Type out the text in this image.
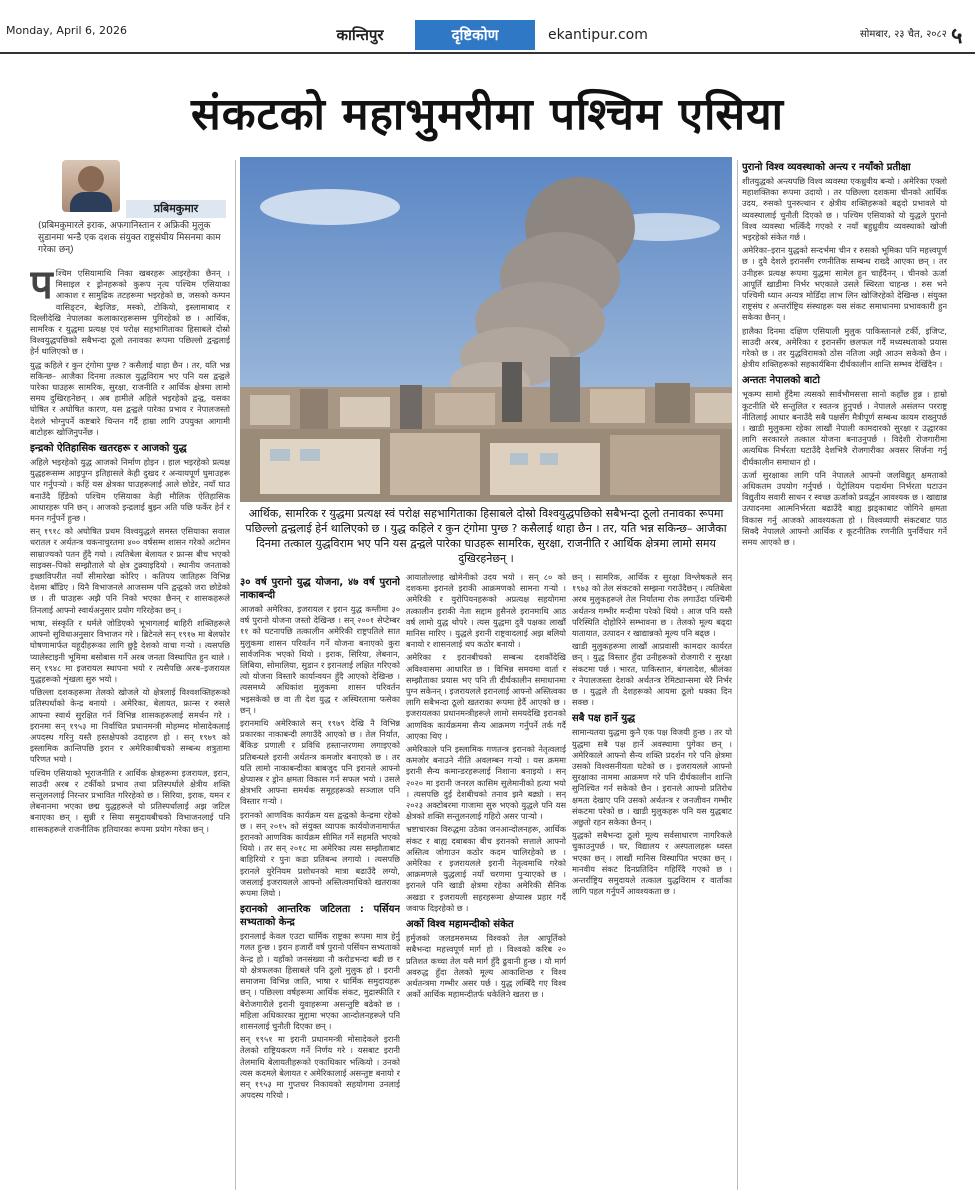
Monday, April 6, 2026	कान्तिपुर	दृष्टिकोण	ekantipur.com	सोमबार, २३ चैत, २०८२ ५
संकटको महाभुमरीमा पश्चिम एसिया
प्रबिमकुमार
(प्रबिमकुमारले इराक, अफगानिस्तान र अफ्रिकी मुलुक सुडानमा भन्डै एक दशक संयुक्त राष्ट्रसंघीय मिसनमा काम गरेका छन्)
आर्थिक, सामरिक र युद्धमा प्रत्यक्ष स्वं परोक्ष सहभागिताका हिसाबले दोस्रो विश्वयुद्धपछिको सबैभन्दा ठूलो तनावका रूपमा पछिल्लो द्वन्द्वलाई हेर्न थालिएको छ । युद्ध कहिले र कुन ट्ंगोमा पुग्छ ? कसैलाई थाहा छैन । तर, यति भन्न सकिन्छ– आजैका दिनमा तत्काल युद्धविराम भए पनि यस द्वन्द्वले पारेका घाउहरू सामरिक, सुरक्षा, राजनीति र आर्थिक क्षेत्रमा लामो समय दुखिरहनेछन् ।

पश्चिम एसियामाथि निका खबरहरू आइरहेका छैनन् । मिसाइल र ड्रोनहरूको कुरूप नृत्य पश्चिम एसियाका आकाश र सामुद्रिक तटहरूमा भइरहेको छ, जसको कम्पन वासिङ्टन, बेइजिङ, मस्को, टोकियो, इस्लामाबाद र दिल्लीदेखि नेपालका कलाकारहरूसम्म पुगिरहेको छ । आर्थिक, सामरिक र युद्धमा प्रत्यक्ष एवं परोक्ष सहभागिताका हिसाबले दोस्रो विश्वयुद्धपछिको सबैभन्दा ठूलो तनावका रूपमा पछिल्लो द्वन्द्वलाई हेर्न थालिएको छ ।

युद्ध कहिले र कुन ट्ंगोमा पुग्छ ? कसैलाई थाहा छैन । तर, यति भन्न सकिन्छ– आजैका दिनमा तत्काल युद्धविराम भए पनि यस द्वन्द्वले पारेका घाउहरू सामरिक, सुरक्षा, राजनीति र आर्थिक क्षेत्रमा लामो समय दुखिरहनेछन् । अब हामीले अहिले भइरहेको द्वन्द्व, यसका घोषित र अघोषित कारण, यस द्वन्द्वले पारेका प्रभाव र नेपालजस्तो देशले भोग्नुपर्ने कष्टबारे चिन्तन गर्दै हाम्रा लागि उपयुक्त आगामी बाटोहरू खोजिनुपर्नेछ ।

इन्द्रको ऐतिहासिक खतरहरू र आजको युद्ध

अहिले भइरहेको युद्ध आजको निर्माण होइन । हाल भइरहेको प्रत्यक्ष युद्धहरूसम्म आइपुग्न इतिहासले केही दुखद र अन्यायपूर्ण घुमाउहरू पार गर्नुपऱ्यो । कहिं यस क्षेत्रका घाउहरूलाई आले छोडेर, नयाँ घाउ बनाउँदै हिँडेको पश्चिम एसियाका केही मौलिक ऐतिहासिक आधारहरू पनि छन् । आजको इन्द्रलाई बुझ्न अति पछि फर्केर हेर्न र मनन गर्नुपर्ने हुन्छ ।

सन् १९१८ को अघोषित प्रथम विश्वयुद्धले समस्त एसियाका सवाल धरातल र अर्थतन्त्र चकनाचुरतमा ४०० वर्षसम्म शासन गरेको अटोमन साम्राज्यको पतन हुँदै गयो । त्यतिबेला बेलायत र फ्रान्स बीच भएको साइक्स–पिको सम्झौताले यो क्षेत्र टुक्र्याइदियो । स्थानीय जनताको इच्छाविपरीत नयाँ सीमारेखा कोरिए । कतिपय जातिहरू विभिन्न देशमा बाँडिए । यिनै विभाजनले आजसम्म पनि द्वन्द्वको जरा छोडेको छ । ती घाउहरू अझै पनि निको भएका छैनन् र शासकहरूले तिनलाई आफ्नो स्वार्थअनुसार प्रयोग गरिरहेका छन् ।

भाषा, संस्कृति र धर्मले जोडिएको भूभागलाई बाहिरी शक्तिहरूले आफ्नो सुविधाअनुसार विभाजन गरे । ब्रिटेनले सन् १९१७ मा बेलफोर घोषणामार्फत यहूदीहरूका लागि छुट्टै देशको वाचा गर्‍यो । त्यसपछि प्यालेस्टाइनी भूमिमा बसोबास गर्ने अरब जनता विस्थापित हुन थाले । सन् १९४८ मा इजरायल स्थापना भयो र त्यसैपछि अरब–इजरायल युद्धहरूको शृंखला सुरु भयो ।

पछिल्ला दशकहरूमा तेलको खोजले यो क्षेत्रलाई विश्वशक्तिहरूको प्रतिस्पर्धाको केन्द्र बनायो । अमेरिका, बेलायत, फ्रान्स र रुसले आफ्ना स्वार्थ सुरक्षित गर्न विभिन्न शासकहरूलाई समर्थन गरे । इरानमा सन् १९५३ मा निर्वाचित प्रधानमन्त्री मोहम्मद मोसादेकलाई अपदस्थ गरिनु यस्तै हस्तक्षेपको उदाहरण हो । सन् १९७९ को इस्लामिक क्रान्तिपछि इरान र अमेरिकाबीचको सम्बन्ध शत्रुतामा परिणत भयो ।

पश्चिम एसियाको भूराजनीति र आर्थिक क्षेत्रहरूमा इजरायल, इरान, साउदी अरब र टर्कीको प्रभाव तथा प्रतिस्पर्धाले क्षेत्रीय शक्ति सन्तुलनलाई निरन्तर प्रभावित गरिरहेको छ । सिरिया, इराक, यमन र लेबनानमा भएका छद्म युद्धहरूले यो प्रतिस्पर्धालाई अझ जटिल बनाएका छन् । सुन्नी र सिया समुदायबीचको विभाजनलाई पनि शासकहरूले राजनीतिक हतियारका रूपमा प्रयोग गरेका छन् ।

३० वर्ष पुरानो युद्ध योजना, ४७ वर्ष पुरानो नाकाबन्दी

आजको अमेरिका, इजरायल र इरान युद्ध कम्तीमा ३० वर्ष पुरानो योजना जस्तो देखिन्छ । सन् २००१ सेप्टेम्बर ११ को घटनापछि तत्कालीन अमेरिकी राष्ट्रपतिले सात मुलुकमा शासन परिवर्तन गर्ने योजना बनाएको कुरा सार्वजनिक भएको थियो । इराक, सिरिया, लेबनान, लिबिया, सोमालिया, सुडान र इरानलाई लक्षित गरिएको त्यो योजना विस्तारै कार्यान्वयन हुँदै आएको देखिन्छ । त्यसमध्ये अधिकांश मुलुकमा शासन परिवर्तन भइसकेको छ वा ती देश युद्ध र अस्थिरतामा फसेका छन् ।

इरानमाथि अमेरिकाले सन् १९७९ देखि नै विभिन्न प्रकारका नाकाबन्दी लगाउँदै आएको छ । तेल निर्यात, बैंकिङ प्रणाली र प्रविधि हस्तान्तरणमा लगाइएको प्रतिबन्धले इरानी अर्थतन्त्र कमजोर बनाएको छ । तर यति लामो नाकाबन्दीका बाबजुद पनि इरानले आफ्नो क्षेप्यास्त्र र ड्रोन क्षमता विकास गर्न सफल भयो । उसले क्षेत्रभरि आफ्ना समर्थक समूहहरूको सञ्जाल पनि विस्तार गर्‍यो ।

इरानको आणविक कार्यक्रम यस द्वन्द्वको केन्द्रमा रहेको छ । सन् २०१५ को संयुक्त व्यापक कार्ययोजनामार्फत इरानको आणविक कार्यक्रम सीमित गर्ने सहमति भएको थियो । तर सन् २०१८ मा अमेरिका त्यस सम्झौताबाट बाहिरियो र पुनः कडा प्रतिबन्ध लगायो । त्यसपछि इरानले युरेनियम प्रशोधनको मात्रा बढाउँदै लग्यो, जसलाई इजरायलले आफ्नो अस्तित्वमाथिको खतराका रूपमा लियो ।

इरानको आन्तरिक जटिलता : पर्सियन सभ्यताको केन्द्र

इरानलाई केवल एउटा धार्मिक राष्ट्रका रूपमा मात्र हेर्नु गलत हुन्छ । इरान हजारौं वर्ष पुरानो पर्सियन सभ्यताको केन्द्र हो । यहाँको जनसंख्या नौ करोडभन्दा बढी छ र यो क्षेत्रफलका हिसाबले पनि ठूलो मुलुक हो । इरानी समाजमा विभिन्न जाति, भाषा र धार्मिक समुदायहरू छन् । पछिल्ला वर्षहरूमा आर्थिक संकट, मुद्रास्फीति र बेरोजगारीले इरानी युवाहरूमा असन्तुष्टि बढेको छ । महिला अधिकारका मुद्दामा भएका आन्दोलनहरूले पनि शासनलाई चुनौती दिएका छन् ।

सन् १९५१ मा इरानी प्रधानमन्त्री मोसादेकले इरानी तेलको राष्ट्रियकरण गर्ने निर्णय गरे । यसबाट इरानी तेलमाथि बेलायतीहरूको एकाधिकार भत्कियो । उनको त्यस कदमले बेलायत र अमेरिकालाई असन्तुष्ट बनायो र सन् १९५३ मा गुप्तचर निकायको सहयोगमा उनलाई अपदस्थ गरियो ।

आयातोल्लाह खोमेनीको उदय भयो । सन् ८० को दशकमा इरानले इराकी आक्रमणको सामना गर्‍यो । अमेरिकी र युरोपियनहरूको अप्रत्यक्ष सहयोगमा तत्कालीन इराकी नेता सद्दाम हुसैनले इरानमाथि आठ वर्ष लामो युद्ध थोपरे । त्यस युद्धमा दुवै पक्षका लाखौं मानिस मारिए । युद्धले इरानी राष्ट्रवादलाई अझ बलियो बनायो र शासनलाई थप कठोर बनायो ।

अमेरिका र इरानबीचको सम्बन्ध दशकौंदेखि अविश्वासमा आधारित छ । विभिन्न समयमा वार्ता र सम्झौताका प्रयास भए पनि ती दीर्घकालीन समाधानमा पुग्न सकेनन् । इजरायलले इरानलाई आफ्नो अस्तित्वका लागि सबैभन्दा ठूलो खतराका रूपमा हेर्दै आएको छ । इजरायलका प्रधानमन्त्रीहरूले लामो समयदेखि इरानको आणविक कार्यक्रममा सैन्य आक्रमण गर्नुपर्ने तर्क गर्दै आएका थिए ।

अमेरिकाले पनि इस्लामिक गणतन्त्र इरानको नेतृत्वलाई कमजोर बनाउने नीति अवलम्बन गर्‍यो । यस क्रममा इरानी सैन्य कमान्डरहरूलाई निशाना बनाइयो । सन् २०२० मा इरानी जनरल कासिम सुलेमानीको हत्या भयो । त्यसपछि दुई देशबीचको तनाव झनै बढ्यो । सन् २०२३ अक्टोबरमा गाजामा सुरु भएको युद्धले पनि यस क्षेत्रको शक्ति सन्तुलनलाई गहिरो असर पार्‍यो ।

भ्रष्टाचारका विरुद्धमा उठेका जनआन्दोलनहरू, आर्थिक संकट र बाह्य दबाबका बीच इरानको सत्ताले आफ्नो अस्तित्व जोगाउन कठोर कदम चालिरहेको छ । अमेरिका र इजरायलले इरानी नेतृत्वमाथि गरेको आक्रमणले युद्धलाई नयाँ चरणमा पुर्‍याएको छ । इरानले पनि खाडी क्षेत्रमा रहेका अमेरिकी सैनिक अखडा र इजरायली सहरहरूमा क्षेप्यास्त्र प्रहार गर्दै जवाफ दिइरहेको छ ।

अर्को विश्व महामन्दीको संकेत

हर्मुजको जलडमरुमध्य विश्वको तेल आपूर्तिको सबैभन्दा महत्त्वपूर्ण मार्ग हो । विश्वको करिब २० प्रतिशत कच्चा तेल यसै मार्ग हुँदै ढुवानी हुन्छ । यो मार्ग अवरुद्ध हुँदा तेलको मूल्य आकाशिन्छ र विश्व अर्थतन्त्रमा गम्भीर असर पर्छ । युद्ध लम्बिँदै गए विश्व अर्को आर्थिक महामन्दीतर्फ धकेलिने खतरा छ ।

छन् । सामरिक, आर्थिक र सुरक्षा विश्लेषकले सन् १९७३ को तेल संकटको सम्झना गराउँदैछन् । त्यतिबेला अरब मुलुकहरूले तेल निर्यातमा रोक लगाउँदा पश्चिमी अर्थतन्त्र गम्भीर मन्दीमा परेको थियो । आज पनि यस्तै परिस्थिति दोहोरिने सम्भावना छ । तेलको मूल्य बढ्दा यातायात, उत्पादन र खाद्यान्नको मूल्य पनि बढ्छ ।

खाडी मुलुकहरूमा लाखौं आप्रवासी कामदार कार्यरत छन् । युद्ध विस्तार हुँदा उनीहरूको रोजगारी र सुरक्षा संकटमा पर्छ । भारत, पाकिस्तान, बंगलादेश, श्रीलंका र नेपालजस्ता देशको अर्थतन्त्र रेमिट्यान्समा धेरै निर्भर छ । युद्धले ती देशहरूको आयमा ठूलो धक्का दिन सक्छ ।

सबै पक्ष हार्ने युद्ध

सामान्यतया युद्धमा कुनै एक पक्ष विजयी हुन्छ । तर यो युद्धमा सबै पक्ष हार्ने अवस्थामा पुगेका छन् । अमेरिकाले आफ्नो सैन्य शक्ति प्रदर्शन गरे पनि क्षेत्रमा उसको विश्वसनीयता घटेको छ । इजरायलले आफ्नो सुरक्षाका नाममा आक्रमण गरे पनि दीर्घकालीन शान्ति सुनिश्चित गर्न सकेको छैन । इरानले आफ्नो प्रतिरोध क्षमता देखाए पनि उसको अर्थतन्त्र र जनजीवन गम्भीर संकटमा परेको छ । खाडी मुलुकहरू पनि यस युद्धबाट अछुतो रहन सकेका छैनन् ।

युद्धको सबैभन्दा ठूलो मूल्य सर्वसाधारण नागरिकले चुकाउनुपर्छ । घर, विद्यालय र अस्पतालहरू ध्वस्त भएका छन् । लाखौं मानिस विस्थापित भएका छन् । मानवीय संकट दिनप्रतिदिन गहिरिँदै गएको छ । अन्तर्राष्ट्रिय समुदायले तत्काल युद्धविराम र वार्ताका लागि पहल गर्नुपर्ने आवश्यकता छ ।

पुरानो विश्व व्यवस्थाको अन्त्य र नयाँको प्रतीक्षा

शीतयुद्धको अन्त्यपछि विश्व व्यवस्था एकध्रुवीय बन्यो । अमेरिका एक्लो महाशक्तिका रूपमा उदायो । तर पछिल्ला दशकमा चीनको आर्थिक उदय, रुसको पुनरुत्थान र क्षेत्रीय शक्तिहरूको बढ्दो प्रभावले यो व्यवस्थालाई चुनौती दिएको छ । पश्चिम एसियाको यो युद्धले पुरानो विश्व व्यवस्था भत्किँदै गएको र नयाँ बहुध्रुवीय व्यवस्थाको खोजी भइरहेको संकेत गर्छ ।

अमेरिका–इरान युद्धको सन्दर्भमा चीन र रुसको भूमिका पनि महत्त्वपूर्ण छ । दुवै देशले इरानसँग रणनीतिक सम्बन्ध राख्दै आएका छन् । तर उनीहरू प्रत्यक्ष रूपमा युद्धमा सामेल हुन चाहँदैनन् । चीनको ऊर्जा आपूर्ति खाडीमा निर्भर भएकाले उसले स्थिरता चाहन्छ । रुस भने पश्चिमी ध्यान अन्यत्र मोडिँदा लाभ लिन खोजिरहेको देखिन्छ । संयुक्त राष्ट्रसंघ र अन्तर्राष्ट्रिय संस्थाहरू यस संकट समाधानमा प्रभावकारी हुन सकेका छैनन् ।

हालैका दिनमा दक्षिण एसियाली मुलुक पाकिस्तानले टर्की, इजिप्ट, साउदी अरब, अमेरिका र इरानसँग छलफल गर्दै मध्यस्थताको प्रयास गरेको छ । तर युद्धविरामको ठोस नतिजा अझै आउन सकेको छैन । क्षेत्रीय शक्तिहरूको सहकार्यबिना दीर्घकालीन शान्ति सम्भव देखिँदैन ।

अन्ततः नेपालको बाटो

भूकम्प सामो हुँदैमा त्यसको सार्वभौमसत्ता सानो कहाँछ हुन्न । हाम्रो कूटनीति धेरै सन्तुलित र स्वतन्त्र हुनुपर्छ । नेपालले असंलग्न परराष्ट्र नीतिलाई आधार बनाउँदै सबै पक्षसँग मैत्रीपूर्ण सम्बन्ध कायम राख्नुपर्छ । खाडी मुलुकमा रहेका लाखौं नेपाली कामदारको सुरक्षा र उद्धारका लागि सरकारले तत्काल योजना बनाउनुपर्छ । विदेशी रोजगारीमा अत्यधिक निर्भरता घटाउँदै देशभित्रै रोजगारीका अवसर सिर्जना गर्नु दीर्घकालीन समाधान हो ।

ऊर्जा सुरक्षाका लागि पनि नेपालले आफ्नो जलविद्युत् क्षमताको अधिकतम उपयोग गर्नुपर्छ । पेट्रोलियम पदार्थमा निर्भरता घटाउन विद्युतीय सवारी साधन र स्वच्छ ऊर्जाको प्रवर्द्धन आवश्यक छ । खाद्यान्न उत्पादनमा आत्मनिर्भरता बढाउँदै बाह्य झड्काबाट जोगिने क्षमता विकास गर्नु आजको आवश्यकता हो । विश्वव्यापी संकटबाट पाठ सिक्दै नेपालले आफ्नो आर्थिक र कूटनीतिक रणनीति पुनर्विचार गर्ने समय आएको छ ।
